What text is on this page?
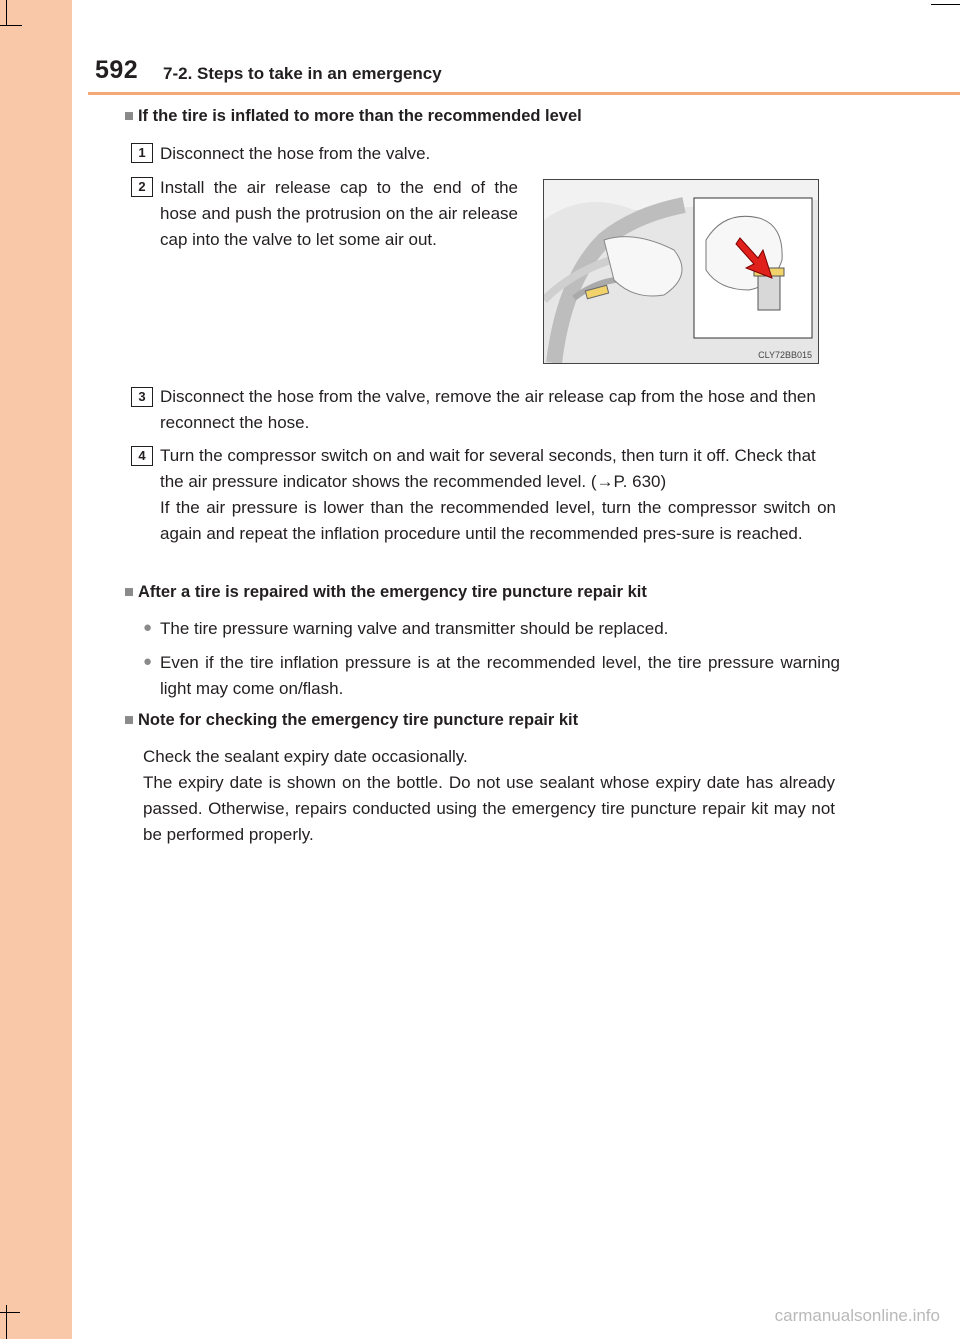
592 7-2. Steps to take in an emergency
■ If the tire is inflated to more than the recommended level
1 Disconnect the hose from the valve.
2 Install the air release cap to the end of the hose and push the protrusion on the air release cap into the valve to let some air out.
CLY72BB015
3 Disconnect the hose from the valve, remove the air release cap from the hose and then reconnect the hose.
4 Turn the compressor switch on and wait for several seconds, then turn it off. Check that the air pressure indicator shows the recommended level. (→P. 630)
If the air pressure is lower than the recommended level, turn the compressor switch on again and repeat the inflation procedure until the recommended pres-sure is reached.
■ After a tire is repaired with the emergency tire puncture repair kit
● The tire pressure warning valve and transmitter should be replaced.
● Even if the tire inflation pressure is at the recommended level, the tire pressure warning light may come on/flash.
■ Note for checking the emergency tire puncture repair kit
Check the sealant expiry date occasionally.
The expiry date is shown on the bottle. Do not use sealant whose expiry date has already passed. Otherwise, repairs conducted using the emergency tire puncture repair kit may not be performed properly.
carmanualsonline.info
